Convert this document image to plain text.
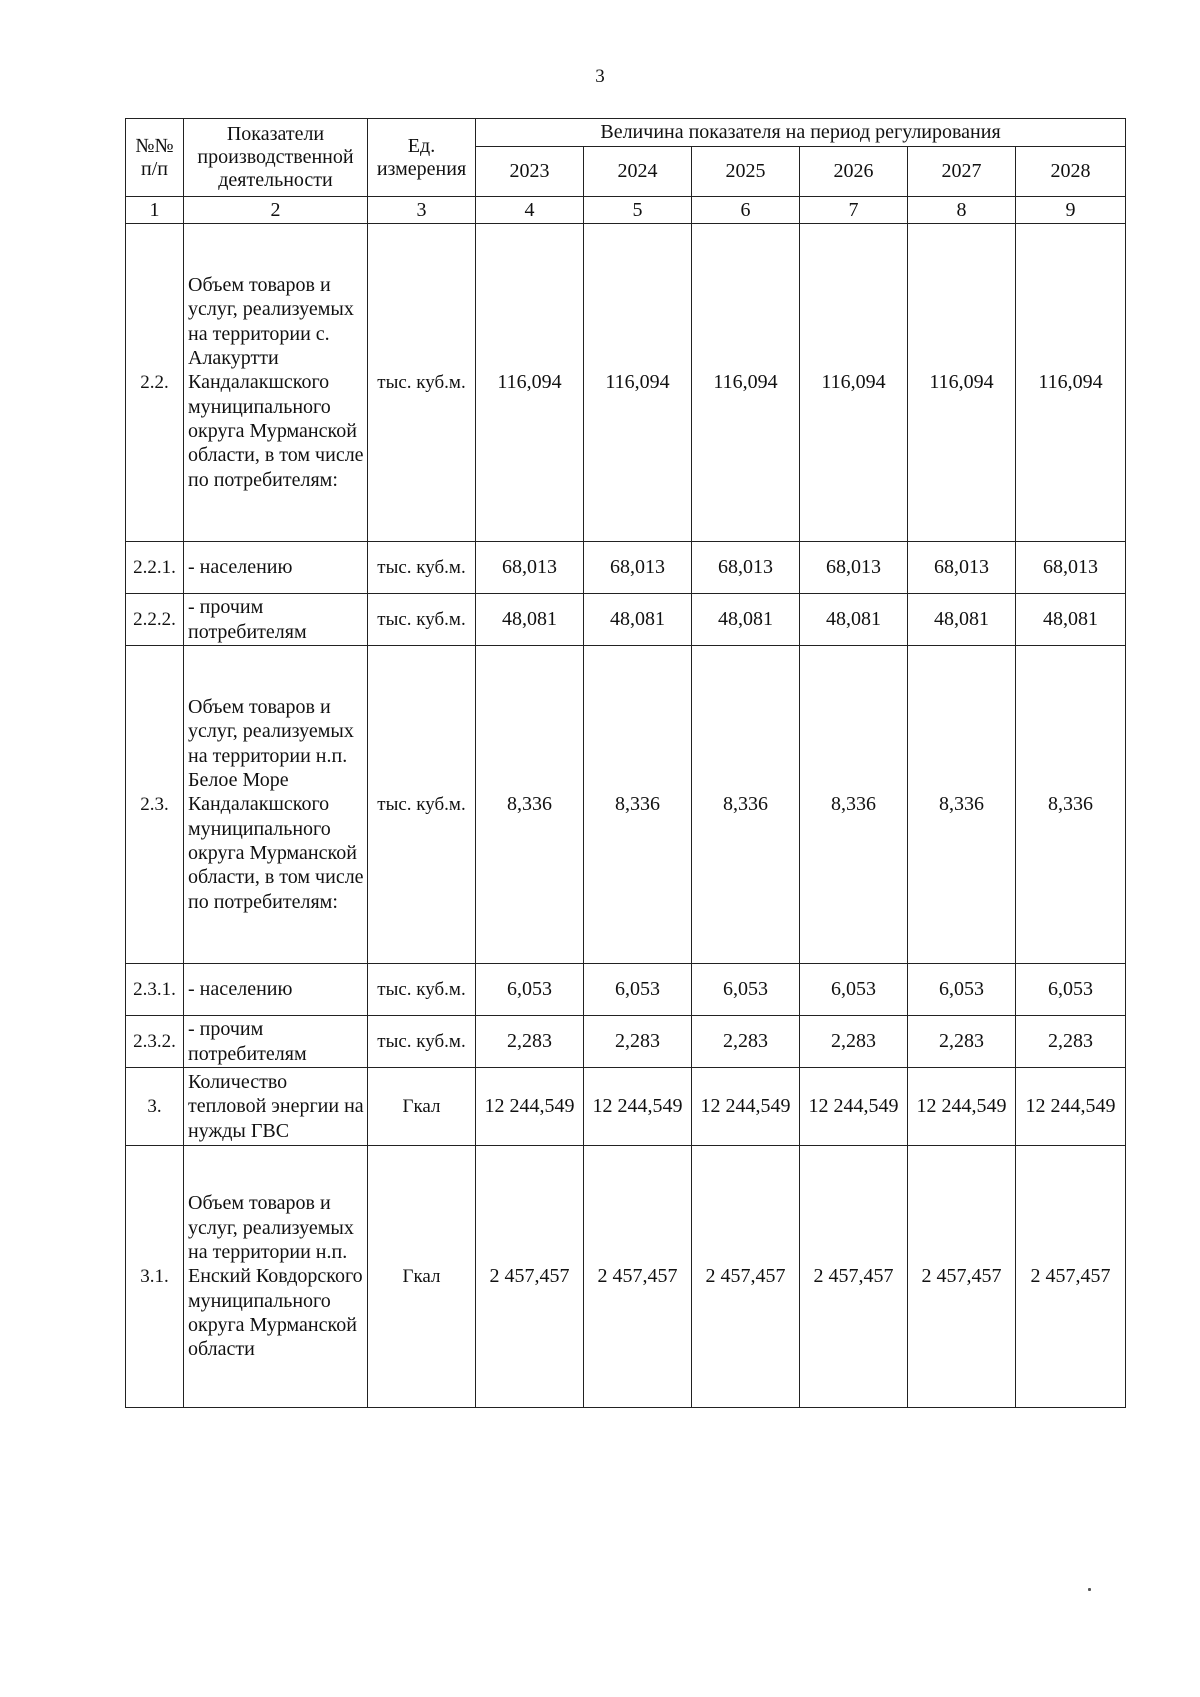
3
№№ п/п	Показатели производственной деятельности	Ед. измерения	Величина показателя на период регулирования					
			2023	2024	2025	2026	2027	2028
1	2	3	4	5	6	7	8	9
2.2.	Объем товаров и услуг, реализуемых на территории с. Алакуртти Кандалакшского муниципального округа Мурманской области, в том числе по потребителям:	тыс. куб.м.	116,094	116,094	116,094	116,094	116,094	116,094
2.2.1.	- населению	тыс. куб.м.	68,013	68,013	68,013	68,013	68,013	68,013
2.2.2.	- прочим потребителям	тыс. куб.м.	48,081	48,081	48,081	48,081	48,081	48,081
2.3.	Объем товаров и услуг, реализуемых на территории н.п. Белое Море Кандалакшского муниципального округа Мурманской области, в том числе по потребителям:	тыс. куб.м.	8,336	8,336	8,336	8,336	8,336	8,336
2.3.1.	- населению	тыс. куб.м.	6,053	6,053	6,053	6,053	6,053	6,053
2.3.2.	- прочим потребителям	тыс. куб.м.	2,283	2,283	2,283	2,283	2,283	2,283
3.	Количество тепловой энергии на нужды ГВС	Гкал	12 244,549	12 244,549	12 244,549	12 244,549	12 244,549	12 244,549
3.1.	Объем товаров и услуг, реализуемых на территории н.п. Енский Ковдорского муниципального округа Мурманской области	Гкал	2 457,457	2 457,457	2 457,457	2 457,457	2 457,457	2 457,457
